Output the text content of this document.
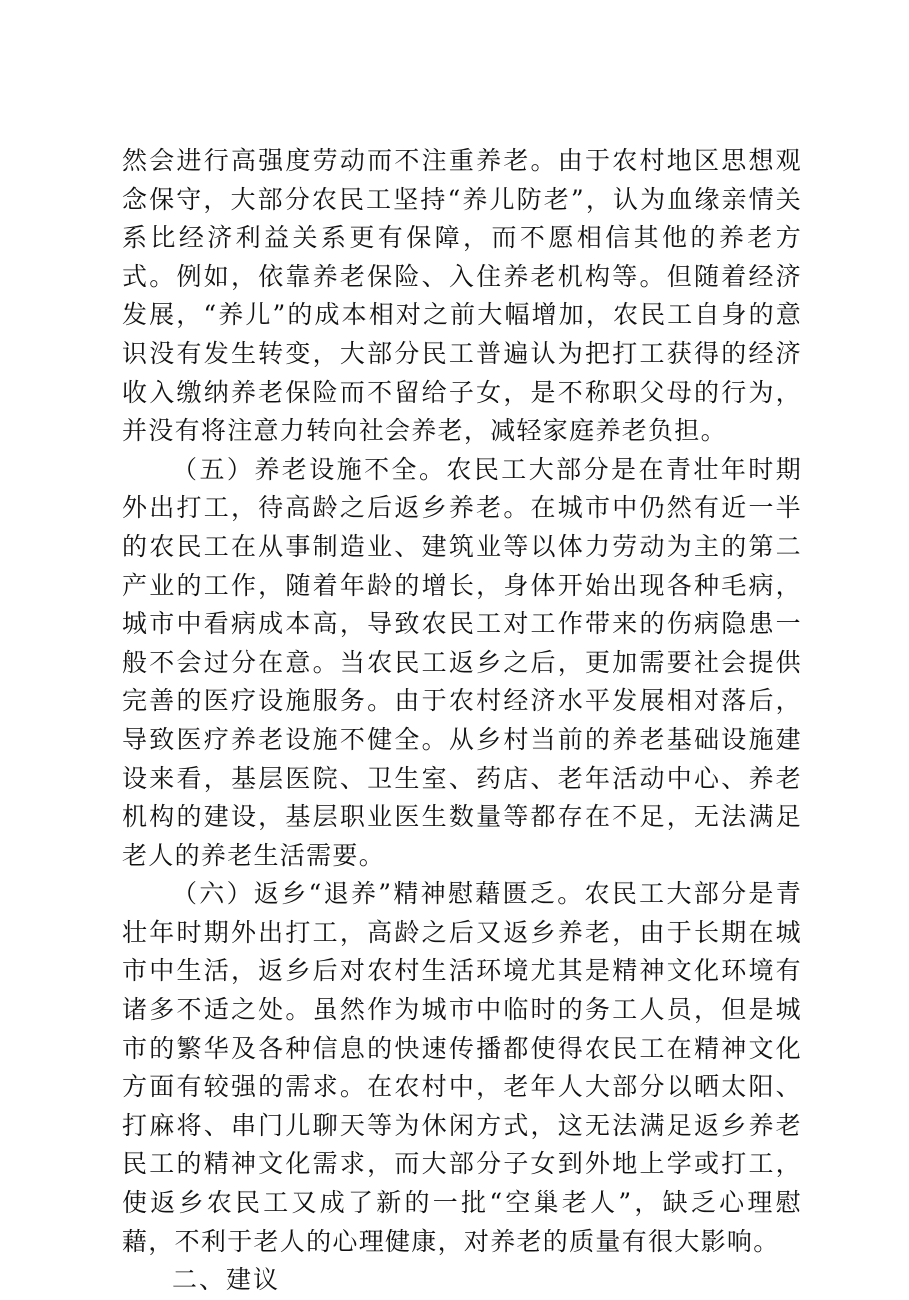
然会进行高强度劳动而不注重养老。由于农村地区思想观念保守，大部分农民工坚持“养儿防老”，认为血缘亲情关系比经济利益关系更有保障，而不愿相信其他的养老方式。例如，依靠养老保险、入住养老机构等。但随着经济发展，“养儿”的成本相对之前大幅增加，农民工自身的意识没有发生转变，大部分民工普遍认为把打工获得的经济收入缴纳养老保险而不留给子女，是不称职父母的行为，并没有将注意力转向社会养老，减轻家庭养老负担。

（五）养老设施不全。农民工大部分是在青壮年时期外出打工，待高龄之后返乡养老。在城市中仍然有近一半的农民工在从事制造业、建筑业等以体力劳动为主的第二产业的工作，随着年龄的增长，身体开始出现各种毛病，城市中看病成本高，导致农民工对工作带来的伤病隐患一般不会过分在意。当农民工返乡之后，更加需要社会提供完善的医疗设施服务。由于农村经济水平发展相对落后，导致医疗养老设施不健全。从乡村当前的养老基础设施建设来看，基层医院、卫生室、药店、老年活动中心、养老机构的建设，基层职业医生数量等都存在不足，无法满足老人的养老生活需要。

（六）返乡“退养”精神慰藉匮乏。农民工大部分是青壮年时期外出打工，高龄之后又返乡养老，由于长期在城市中生活，返乡后对农村生活环境尤其是精神文化环境有诸多不适之处。虽然作为城市中临时的务工人员，但是城市的繁华及各种信息的快速传播都使得农民工在精神文化方面有较强的需求。在农村中，老年人大部分以晒太阳、打麻将、串门儿聊天等为休闲方式，这无法满足返乡养老民工的精神文化需求，而大部分子女到外地上学或打工，使返乡农民工又成了新的一批“空巢老人”，缺乏心理慰藉，不利于老人的心理健康，对养老的质量有很大影响。

二、建议
